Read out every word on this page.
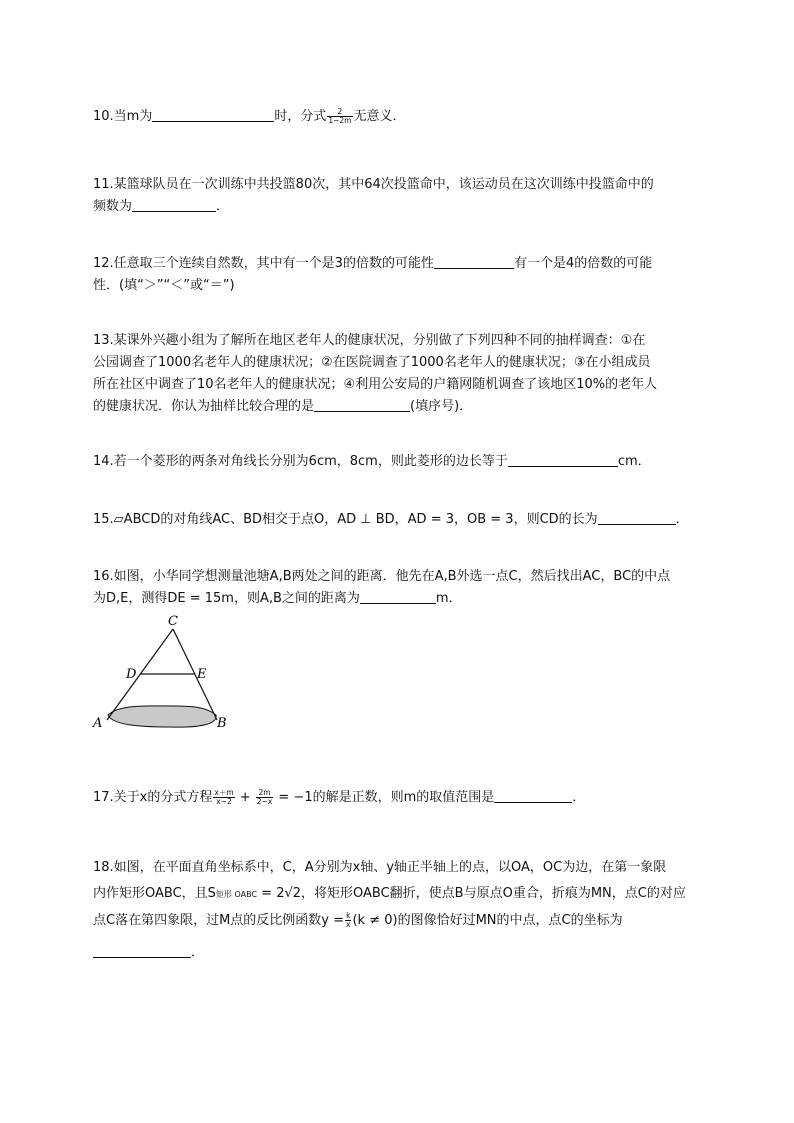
10.当m为	时，分式 $\frac{2}{1-2m}$ 无意义．
11.某篮球队员在一次训练中共投篮80次，其中64次投篮命中，该运动员在这次训练中投篮命中的
频数为	．
12.任意取三个连续自然数，其中有一个是3的倍数的可能性	有一个是4的倍数的可能
性．(填“＞”“＜”或“＝”)
13.某课外兴趣小组为了解所在地区老年人的健康状况，分别做了下列四种不同的抽样调查：①在
公园调查了1000名老年人的健康状况；②在医院调查了1000名老年人的健康状况；③在小组成员
所在社区中调查了10名老年人的健康状况；④利用公安局的户籍网随机调查了该地区10%的老年人
的健康状况．你认为抽样比较合理的是	(填序号)．
14.若一个菱形的两条对角线长分别为6cm，8cm，则此菱形的边长等于	cm．
15.▱ABCD的对角线AC、BD相交于点O，AD ⊥ BD，AD = 3，OB = 3，则CD的长为	．
16.如图，小华同学想测量池塘A,B两处之间的距离．他先在A,B外选一点C，然后找出AC，BC的中点
为D,E，测得DE = 15m，则A,B之间的距离为	m．
C
D	E
A	B
17.关于x的分式方程 $\frac{x+m}{x-2} + \frac{2m}{2-x} = -1$的解是正数，则m的取值范围是	．
18.如图，在平面直角坐标系中，C，A分别为x轴、y轴正半轴上的点，以OA，OC为边，在第一象限
内作矩形OABC，且S矩形 OABC = 2√2，将矩形OABC翻折，使点B与原点O重合，折痕为MN，点C的对应
点C落在第四象限，过M点的反比例函数$y = \frac{k}{x} (k \ne 0)$的图像恰好过MN的中点，点C的坐标为
．
